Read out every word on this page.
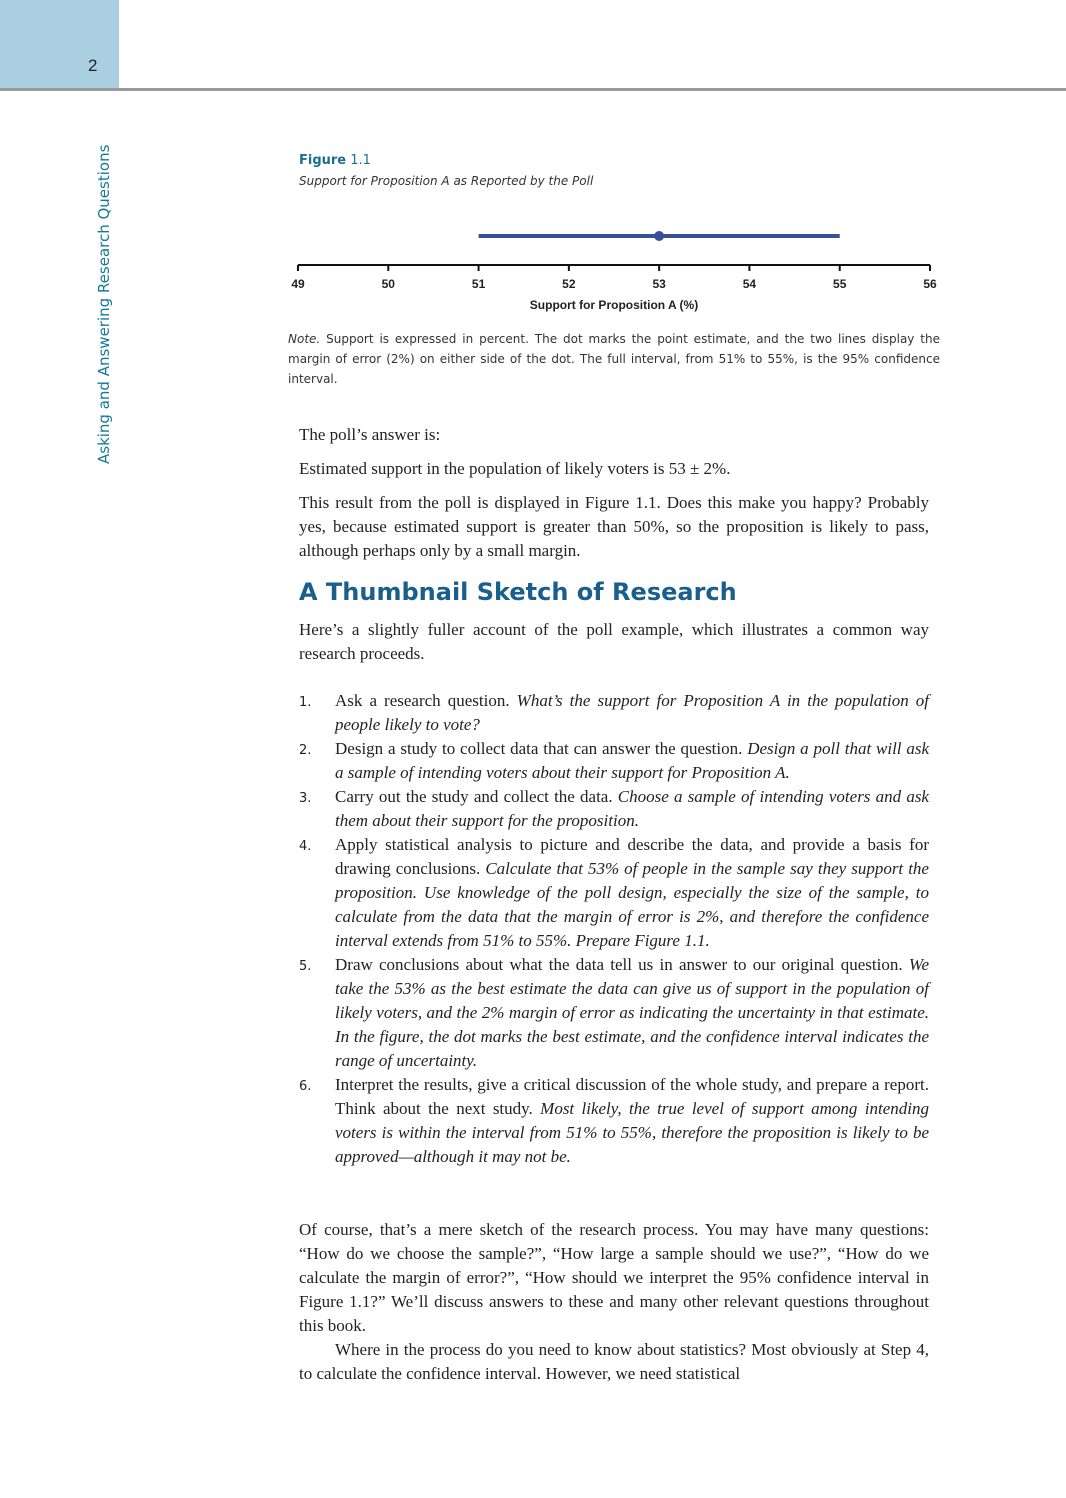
2
Asking and Answering Research Questions	Figure 1.1
Support for Proposition A as Reported by the Poll
49	50	51	52	53	54	55	56
Support for Proposition A (%)
Note. Support is expressed in percent. The dot marks the point estimate, and the two lines display the margin of error (2%) on either side of the dot. The full interval, from 51% to 55%, is the 95% confidence interval.

The poll’s answer is:

Estimated support in the population of likely voters is 53 ± 2%.

This result from the poll is displayed in Figure 1.1. Does this make you happy? Probably yes, because estimated support is greater than 50%, so the proposition is likely to pass, although perhaps only by a small margin.

A Thumbnail Sketch of Research

Here’s a slightly fuller account of the poll example, which illustrates a common way research proceeds.

1. Ask a research question. What’s the support for Proposition A in the population of people likely to vote?
2. Design a study to collect data that can answer the question. Design a poll that will ask a sample of intending voters about their support for Proposition A.
3. Carry out the study and collect the data. Choose a sample of intending voters and ask them about their support for the proposition.
4. Apply statistical analysis to picture and describe the data, and provide a basis for drawing conclusions. Calculate that 53% of people in the sample say they support the proposition. Use knowledge of the poll design, especially the size of the sample, to calculate from the data that the margin of error is 2%, and therefore the confidence interval extends from 51% to 55%. Prepare Figure 1.1.
5. Draw conclusions about what the data tell us in answer to our original question. We take the 53% as the best estimate the data can give us of support in the population of likely voters, and the 2% margin of error as indicating the uncertainty in that estimate. In the figure, the dot marks the best estimate, and the confidence interval indicates the range of uncertainty.
6. Interpret the results, give a critical discussion of the whole study, and prepare a report. Think about the next study. Most likely, the true level of support among intending voters is within the interval from 51% to 55%, therefore the proposition is likely to be approved—although it may not be.

Of course, that’s a mere sketch of the research process. You may have many questions: “How do we choose the sample?”, “How large a sample should we use?”, “How do we calculate the margin of error?”, “How should we interpret the 95% confidence interval in Figure 1.1?” We’ll discuss answers to these and many other relevant questions throughout this book.

Where in the process do you need to know about statistics? Most obviously at Step 4, to calculate the confidence interval. However, we need statistical
